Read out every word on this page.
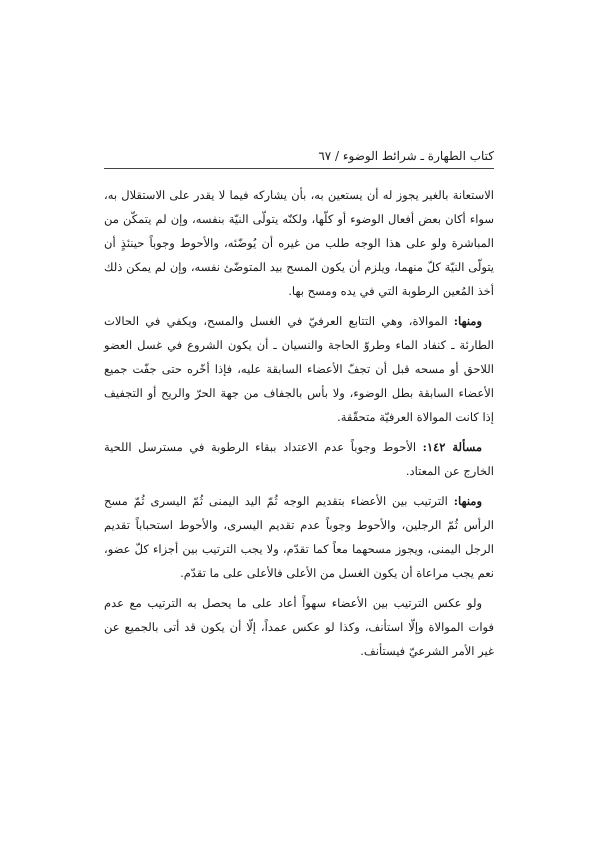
كتاب الطهارة ـ شرائط الوضوء / ٦٧

الاستعانة بالغير يجوز له أن يستعين به، بأن يشاركه فيما لا يقدر على الاستقلال به، سواء أكان بعض أفعال الوضوء أو كلّها، ولكنّه يتولّى النيّة بنفسه، وإن لم يتمكّن من المباشرة ولو على هذا الوجه طلب من غيره أن يُوضّئه، والأحوط وجوباً حينئذٍ أن يتولّى النيّة كلّ منهما، ويلزم أن يكون المسح بيد المتوضّئ نفسه، وإن لم يمكن ذلك أخذ المُعين الرطوبة التي في يده ومسح بها.

ومنها: الموالاة، وهي التتابع العرفيّ في الغسل والمسح، ويكفي في الحالات الطارئة ـ كنفاد الماء وطروّ الحاجة والنسيان ـ أن يكون الشروع في غسل العضو اللاحق أو مسحه قبل أن تجفّ الأعضاء السابقة عليه، فإذا أخّره حتى جفّت جميع الأعضاء السابقة بطل الوضوء، ولا بأس بالجفاف من جهة الحرّ والريح أو التجفيف إذا كانت الموالاة العرفيّة متحقّقة.

مسألة ١٤٢: الأحوط وجوباً عدم الاعتداد ببقاء الرطوبة في مسترسل اللحية الخارج عن المعتاد.

ومنها: الترتيب بين الأعضاء بتقديم الوجه ثُمّ اليد اليمنى ثُمّ اليسرى ثُمّ مسح الرأس ثُمّ الرجلين، والأحوط وجوباً عدم تقديم اليسرى، والأحوط استحباباً تقديم الرجل اليمنى، ويجوز مسحهما معاً كما تقدّم، ولا يجب الترتيب بين أجزاء كلّ عضو، نعم يجب مراعاة أن يكون الغسل من الأعلى فالأعلى على ما تقدّم.

ولو عكس الترتيب بين الأعضاء سهواً أعاد على ما يحصل به الترتيب مع عدم فوات الموالاة وإلّا استأنف، وكذا لو عكس عمداً، إلّا أن يكون قد أتى بالجميع عن غير الأمر الشرعيّ فيستأنف.
